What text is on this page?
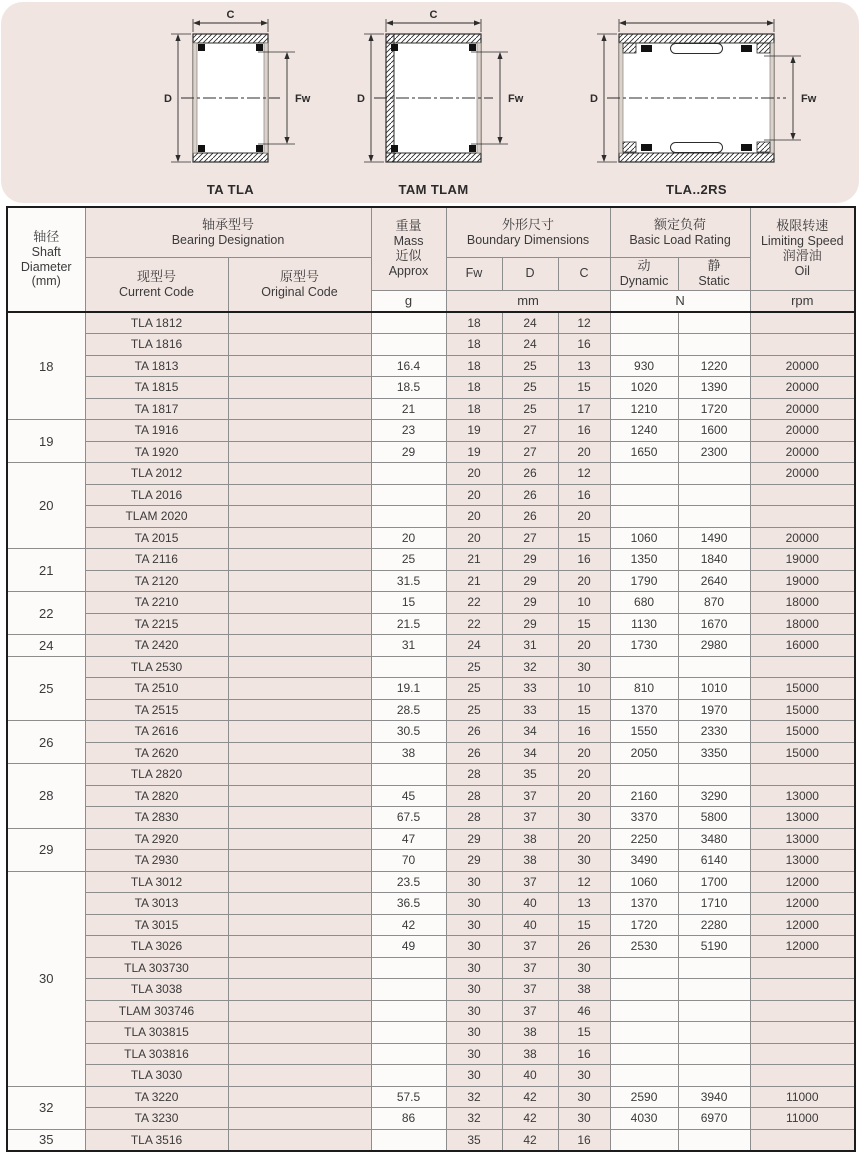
C
D	Fw
TA TLA
C
D	Fw
TAM TLAM
D	Fw
TLA..2RS
轴径
Shaft
Diameter
(mm)

轴承型号
Bearing Designation

重量
Mass
近似
Approx

外形尺寸
Boundary Dimensions

额定负荷
Basic Load Rating

极限转速
Limiting Speed
润滑油
Oil

现型号
Current Code

原型号
Original Code
	Fw	D	C	
动
Dynamic

静
Static

			g	mm			N		rpm
18	TLA 1812			18	24	12			
	TLA 1816			18	24	16			
	TA 1813		16.4	18	25	13	930	1220	20000
	TA 1815		18.5	18	25	15	1020	1390	20000
	TA 1817		21	18	25	17	1210	1720	20000
19	TA 1916		23	19	27	16	1240	1600	20000
	TA 1920		29	19	27	20	1650	2300	20000
20	TLA 2012			20	26	12			20000
	TLA 2016			20	26	16			
	TLAM 2020			20	26	20			
	TA 2015		20	20	27	15	1060	1490	20000
21	TA 2116		25	21	29	16	1350	1840	19000
	TA 2120		31.5	21	29	20	1790	2640	19000
22	TA 2210		15	22	29	10	680	870	18000
	TA 2215		21.5	22	29	15	1130	1670	18000
24	TA 2420		31	24	31	20	1730	2980	16000
25	TLA 2530			25	32	30			
	TA 2510		19.1	25	33	10	810	1010	15000
	TA 2515		28.5	25	33	15	1370	1970	15000
26	TA 2616		30.5	26	34	16	1550	2330	15000
	TA 2620		38	26	34	20	2050	3350	15000
28	TLA 2820			28	35	20			
	TA 2820		45	28	37	20	2160	3290	13000
	TA 2830		67.5	28	37	30	3370	5800	13000
29	TA 2920		47	29	38	20	2250	3480	13000
	TA 2930		70	29	38	30	3490	6140	13000
30	TLA 3012		23.5	30	37	12	1060	1700	12000
	TA 3013		36.5	30	40	13	1370	1710	12000
	TA 3015		42	30	40	15	1720	2280	12000
	TLA 3026		49	30	37	26	2530	5190	12000
	TLA 303730			30	37	30			
	TLA 3038			30	37	38			
	TLAM 303746			30	37	46			
	TLA 303815			30	38	15			
	TLA 303816			30	38	16			
	TLA 3030			30	40	30			
32	TA 3220		57.5	32	42	30	2590	3940	11000
	TA 3230		86	32	42	30	4030	6970	11000
35	TLA 3516			35	42	16			
